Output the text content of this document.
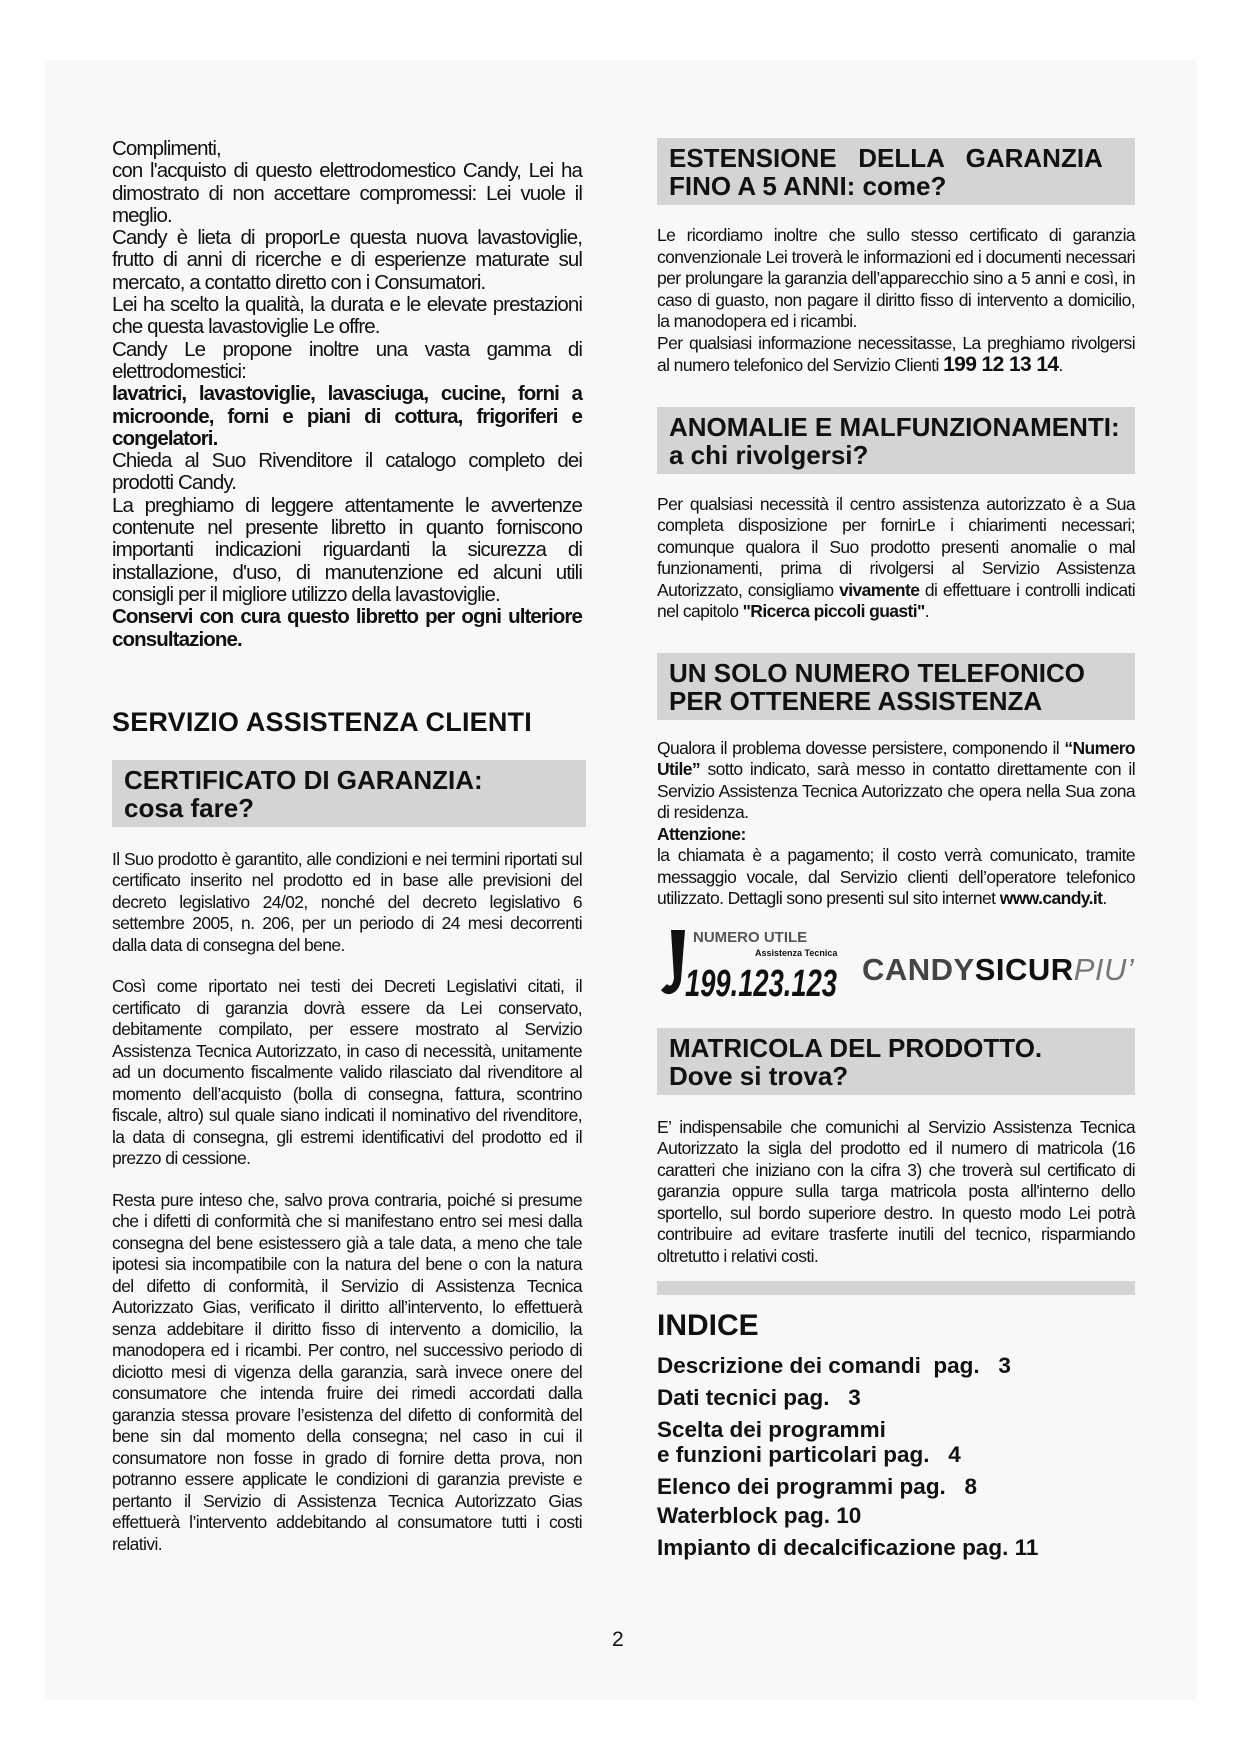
Complimenti,

con l'acquisto di questo elettrodomestico Candy, Lei ha dimostrato di non accettare compromessi: Lei vuole il meglio.

Candy è lieta di proporLe questa nuova lavastoviglie, frutto di anni di ricerche e di esperienze maturate sul mercato, a contatto diretto con i Consumatori.

Lei ha scelto la qualità, la durata e le elevate prestazioni che questa lavastoviglie Le offre.

Candy Le propone inoltre una vasta gamma di elettrodomestici:

lavatrici, lavastoviglie, lavasciuga, cucine, forni a microonde, forni e piani di cottura, frigoriferi e congelatori.

Chieda al Suo Rivenditore il catalogo completo dei prodotti Candy.

La preghiamo di leggere attentamente le avvertenze contenute nel presente libretto in quanto forniscono importanti indicazioni riguardanti la sicurezza di installazione, d'uso, di manutenzione ed alcuni utili consigli per il migliore utilizzo della lavastoviglie.

Conservi con cura questo libretto per ogni ulteriore consultazione.

SERVIZIO ASSISTENZA CLIENTI
CERTIFICATO DI GARANZIA:
cosa fare?

Il Suo prodotto è garantito, alle condizioni e nei termini riportati sul certificato inserito nel prodotto ed in base alle previsioni del decreto legislativo 24/02, nonché del decreto legislativo 6 settembre 2005, n. 206, per un periodo di 24 mesi decorrenti dalla data di consegna del bene.

Così come riportato nei testi dei Decreti Legislativi citati, il certificato di garanzia dovrà essere da Lei conservato, debitamente compilato, per essere mostrato al Servizio Assistenza Tecnica Autorizzato, in caso di necessità, unitamente ad un documento fiscalmente valido rilasciato dal rivenditore al momento dell’acquisto (bolla di consegna, fattura, scontrino fiscale, altro) sul quale siano indicati il nominativo del rivenditore, la data di consegna, gli estremi identificativi del prodotto ed il prezzo di cessione.

Resta pure inteso che, salvo prova contraria, poiché si presume che i difetti di conformità che si manifestano entro sei mesi dalla consegna del bene esistessero già a tale data, a meno che tale ipotesi sia incompatibile con la natura del bene o con la natura del difetto di conformità, il Servizio di Assistenza Tecnica Autorizzato Gias, verificato il diritto all’intervento, lo effettuerà senza addebitare il diritto fisso di intervento a domicilio, la manodopera ed i ricambi. Per contro, nel successivo periodo di diciotto mesi di vigenza della garanzia, sarà invece onere del consumatore che intenda fruire dei rimedi accordati dalla garanzia stessa provare l’esistenza del difetto di conformità del bene sin dal momento della consegna; nel caso in cui il consumatore non fosse in grado di fornire detta prova, non potranno essere applicate le condizioni di garanzia previste e pertanto il Servizio di Assistenza Tecnica Autorizzato Gias effettuerà l’intervento addebitando al consumatore tutti i costi relativi.

ESTENSIONE   DELLA   GARANZIA
FINO A 5 ANNI: come?

Le ricordiamo inoltre che sullo stesso certificato di garanzia convenzionale Lei troverà le informazioni ed i documenti necessari per prolungare la garanzia dell’apparecchio sino a 5 anni e così, in caso di guasto, non pagare il diritto fisso di intervento a domicilio, la manodopera ed i ricambi.

Per qualsiasi informazione necessitasse, La preghiamo rivolgersi al numero telefonico del Servizio Clienti 199 12 13 14.

ANOMALIE E MALFUNZIONAMENTI:
a chi rivolgersi?

Per qualsiasi necessità il centro assistenza autorizzato è a Sua completa disposizione per fornirLe i chiarimenti necessari; comunque qualora il Suo prodotto presenti anomalie o mal funzionamenti, prima di rivolgersi al Servizio Assistenza Autorizzato, consigliamo vivamente di effettuare i controlli indicati nel capitolo "Ricerca piccoli guasti".

UN SOLO NUMERO TELEFONICO
PER OTTENERE ASSISTENZA

Qualora il problema dovesse persistere, componendo il “Numero Utile” sotto indicato, sarà messo in contatto direttamente con il Servizio Assistenza Tecnica Autorizzato che opera nella Sua zona di residenza.

Attenzione:

la chiamata è a pagamento; il costo verrà comunicato, tramite messaggio vocale, dal Servizio clienti dell’operatore telefonico utilizzato. Dettagli sono presenti sul sito internet www.candy.it.

NUMERO UTILE
Assistenza Tecnica
199.123.123 CANDYSICURPIU’
MATRICOLA DEL PRODOTTO.
Dove si trova?

E’ indispensabile che comunichi al Servizio Assistenza Tecnica Autorizzato la sigla del prodotto ed il numero di matricola (16 caratteri che iniziano con la cifra 3) che troverà sul certificato di garanzia oppure sulla targa matricola posta all'interno dello sportello, sul bordo superiore destro. In questo modo Lei potrà contribuire ad evitare trasferte inutili del tecnico, risparmiando oltretutto i relativi costi.

INDICE
Descrizione dei comandi  pag.   3
Dati tecnici pag.   3
Scelta dei programmi
e funzioni particolari pag.   4
Elenco dei programmi pag.   8
Waterblock pag. 10
Impianto di decalcificazione pag. 11
2
